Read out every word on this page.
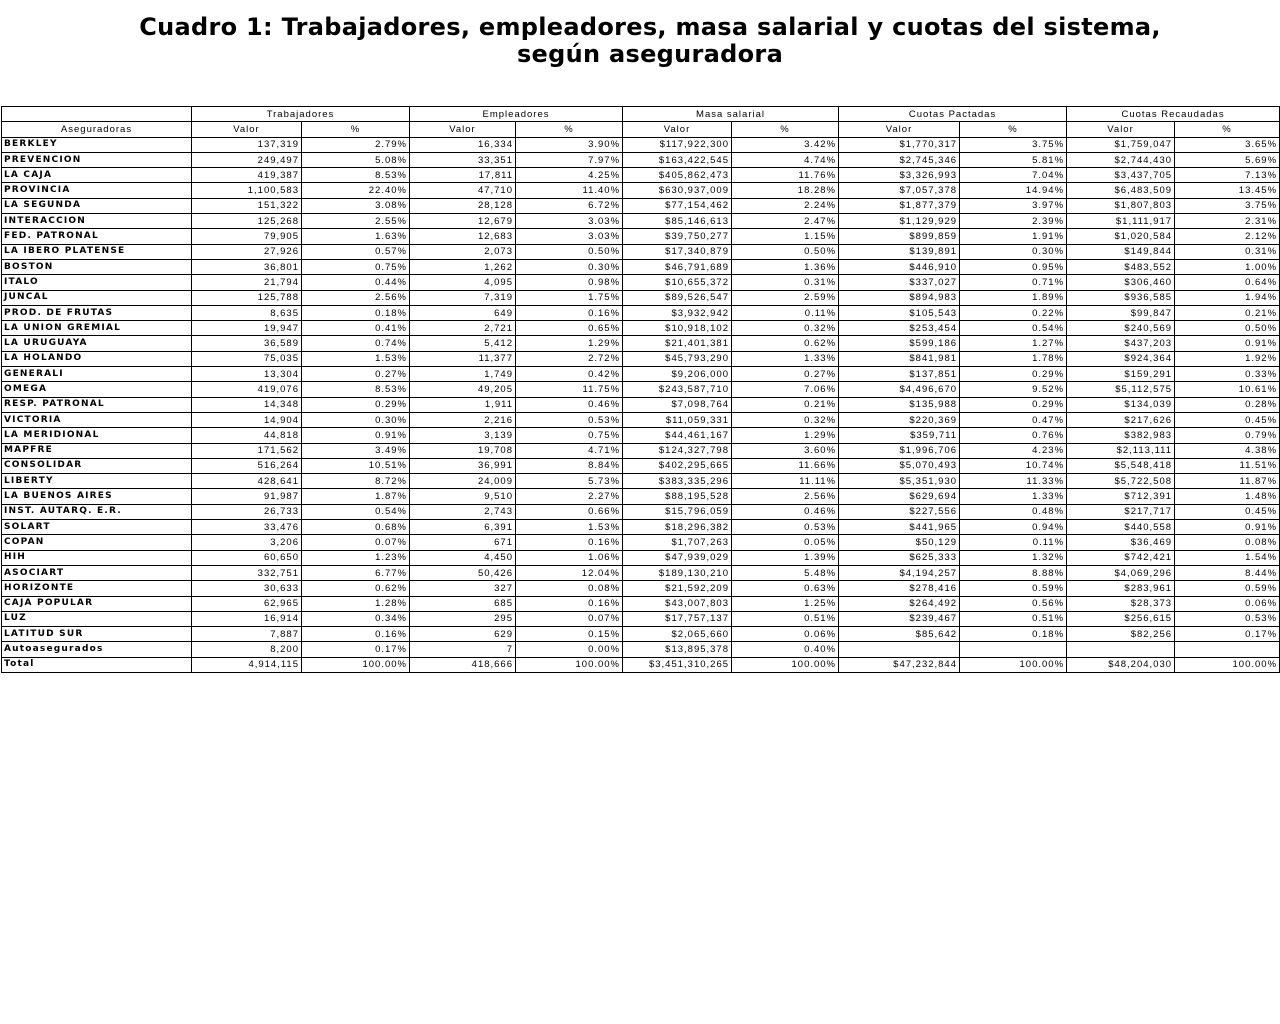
Cuadro 1: Trabajadores, empleadores, masa salarial y cuotas del sistema,
según aseguradora
	Trabajadores		Empleadores		Masa salarial		Cuotas Pactadas		Cuotas Recaudadas	
Aseguradoras	Valor	%	Valor	%	Valor	%	Valor	%	Valor	%
BERKLEY	137,319	2.79%	16,334	3.90%	$117,922,300	3.42%	$1,770,317	3.75%	$1,759,047	3.65%
PREVENCION	249,497	5.08%	33,351	7.97%	$163,422,545	4.74%	$2,745,346	5.81%	$2,744,430	5.69%
LA CAJA	419,387	8.53%	17,811	4.25%	$405,862,473	11.76%	$3,326,993	7.04%	$3,437,705	7.13%
PROVINCIA	1,100,583	22.40%	47,710	11.40%	$630,937,009	18.28%	$7,057,378	14.94%	$6,483,509	13.45%
LA SEGUNDA	151,322	3.08%	28,128	6.72%	$77,154,462	2.24%	$1,877,379	3.97%	$1,807,803	3.75%
INTERACCION	125,268	2.55%	12,679	3.03%	$85,146,613	2.47%	$1,129,929	2.39%	$1,111,917	2.31%
FED. PATRONAL	79,905	1.63%	12,683	3.03%	$39,750,277	1.15%	$899,859	1.91%	$1,020,584	2.12%
LA IBERO PLATENSE	27,926	0.57%	2,073	0.50%	$17,340,879	0.50%	$139,891	0.30%	$149,844	0.31%
BOSTON	36,801	0.75%	1,262	0.30%	$46,791,689	1.36%	$446,910	0.95%	$483,552	1.00%
ITALO	21,794	0.44%	4,095	0.98%	$10,655,372	0.31%	$337,027	0.71%	$306,460	0.64%
JUNCAL	125,788	2.56%	7,319	1.75%	$89,526,547	2.59%	$894,983	1.89%	$936,585	1.94%
PROD. DE FRUTAS	8,635	0.18%	649	0.16%	$3,932,942	0.11%	$105,543	0.22%	$99,847	0.21%
LA UNION GREMIAL	19,947	0.41%	2,721	0.65%	$10,918,102	0.32%	$253,454	0.54%	$240,569	0.50%
LA URUGUAYA	36,589	0.74%	5,412	1.29%	$21,401,381	0.62%	$599,186	1.27%	$437,203	0.91%
LA HOLANDO	75,035	1.53%	11,377	2.72%	$45,793,290	1.33%	$841,981	1.78%	$924,364	1.92%
GENERALI	13,304	0.27%	1,749	0.42%	$9,206,000	0.27%	$137,851	0.29%	$159,291	0.33%
OMEGA	419,076	8.53%	49,205	11.75%	$243,587,710	7.06%	$4,496,670	9.52%	$5,112,575	10.61%
RESP. PATRONAL	14,348	0.29%	1,911	0.46%	$7,098,764	0.21%	$135,988	0.29%	$134,039	0.28%
VICTORIA	14,904	0.30%	2,216	0.53%	$11,059,331	0.32%	$220,369	0.47%	$217,626	0.45%
LA MERIDIONAL	44,818	0.91%	3,139	0.75%	$44,461,167	1.29%	$359,711	0.76%	$382,983	0.79%
MAPFRE	171,562	3.49%	19,708	4.71%	$124,327,798	3.60%	$1,996,706	4.23%	$2,113,111	4.38%
CONSOLIDAR	516,264	10.51%	36,991	8.84%	$402,295,665	11.66%	$5,070,493	10.74%	$5,548,418	11.51%
LIBERTY	428,641	8.72%	24,009	5.73%	$383,335,296	11.11%	$5,351,930	11.33%	$5,722,508	11.87%
LA BUENOS AIRES	91,987	1.87%	9,510	2.27%	$88,195,528	2.56%	$629,694	1.33%	$712,391	1.48%
INST. AUTARQ. E.R.	26,733	0.54%	2,743	0.66%	$15,796,059	0.46%	$227,556	0.48%	$217,717	0.45%
SOLART	33,476	0.68%	6,391	1.53%	$18,296,382	0.53%	$441,965	0.94%	$440,558	0.91%
COPAN	3,206	0.07%	671	0.16%	$1,707,263	0.05%	$50,129	0.11%	$36,469	0.08%
HIH	60,650	1.23%	4,450	1.06%	$47,939,029	1.39%	$625,333	1.32%	$742,421	1.54%
ASOCIART	332,751	6.77%	50,426	12.04%	$189,130,210	5.48%	$4,194,257	8.88%	$4,069,296	8.44%
HORIZONTE	30,633	0.62%	327	0.08%	$21,592,209	0.63%	$278,416	0.59%	$283,961	0.59%
CAJA POPULAR	62,965	1.28%	685	0.16%	$43,007,803	1.25%	$264,492	0.56%	$28,373	0.06%
LUZ	16,914	0.34%	295	0.07%	$17,757,137	0.51%	$239,467	0.51%	$256,615	0.53%
LATITUD SUR	7,887	0.16%	629	0.15%	$2,065,660	0.06%	$85,642	0.18%	$82,256	0.17%
Autoasegurados	8,200	0.17%	7	0.00%	$13,895,378	0.40%				
Total	4,914,115	100.00%	418,666	100.00%	$3,451,310,265	100.00%	$47,232,844	100.00%	$48,204,030	100.00%
